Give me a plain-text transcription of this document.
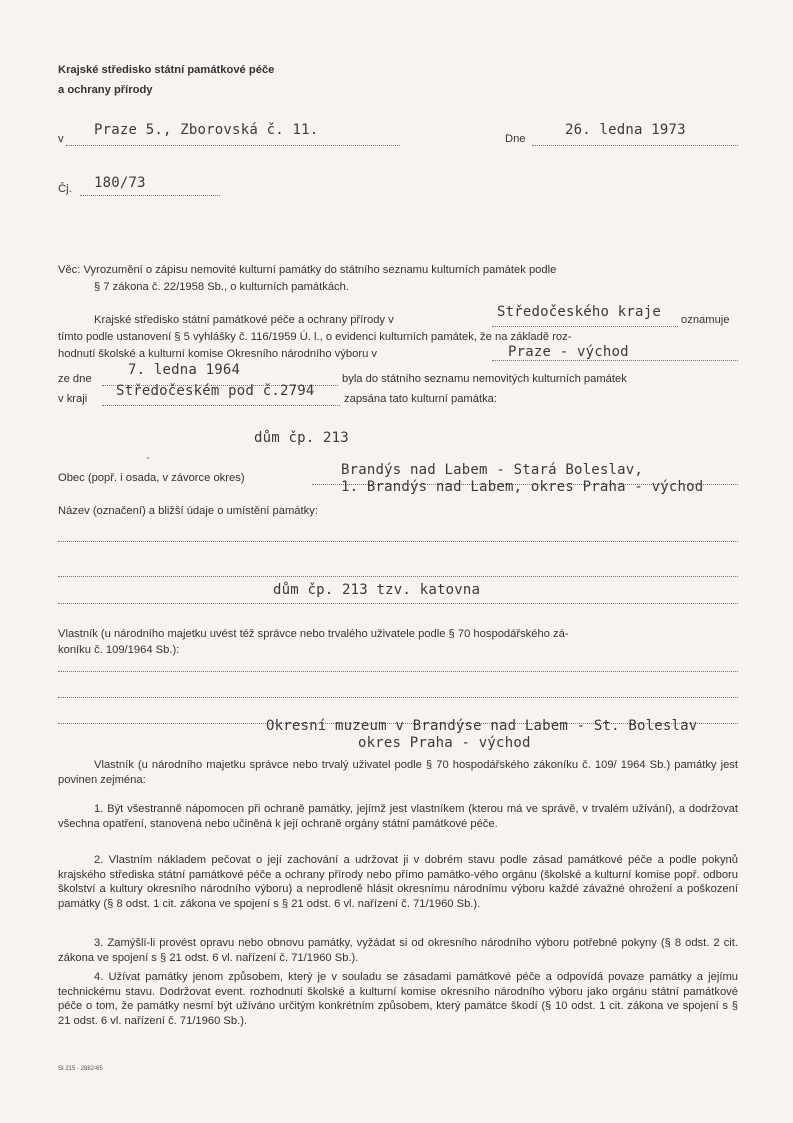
Krajské středisko státní památkové péče
a ochrany přírody
v
Praze 5., Zborovská č. 11.
Dne
26. ledna 1973
Čj. 180/73
Věc: Vyrozumění o zápisu nemovité kulturní památky do státního seznamu kulturních památek podle
§ 7 zákona č. 22/1958 Sb., o kulturních památkách.
Krajské středisko státní památkové péče a ochrany přírody v	Středočeského kraje oznamuje
tímto podle ustanovení § 5 vyhlášky č. 116/1959 Ú. l., o evidenci kulturních památek, že na základě roz-
hodnutí školské a kulturní komise Okresního národního výboru v	Praze - východ
ze dne
7. ledna 1964
byla do státního seznamu nemovitých kulturních památek
v kraji Středočeském pod č.2794	zapsána tato kulturní památka:
dům čp. 213
-
Obec (popř. i osada, v závorce okres)	Brandýs nad Labem - Stará Boleslav,
1. Brandýs nad Labem, okres Praha - východ
Název (označení) a bližší údaje o umístění památky:
dům čp. 213 tzv. katovna
Vlastník (u národního majetku uvést též správce nebo trvalého uživatele podle § 70 hospodářského zá-
koníku č. 109/1964 Sb.):
Okresní muzeum v Brandýse nad Labem - St. Boleslav
okres Praha - východ
Vlastník (u národního majetku správce nebo trvalý uživatel podle § 70 hospodářského zákoníku č. 109/ 1964 Sb.) památky jest povinen zejména:
1. Být všestranně nápomocen při ochraně památky, jejímž jest vlastníkem (kterou má ve správě, v trvalém užívání), a dodržovat všechna opatření, stanovená nebo učiněná k její ochraně orgány státní památkové péče.
2. Vlastním nákladem pečovat o její zachování a udržovat ji v dobrém stavu podle zásad památkové péče a podle pokynů krajského střediska státní památkové péče a ochrany přírody nebo přímo památko-vého orgánu (školské a kulturní komise popř. odboru školství a kultury okresního národního výboru) a neprodleně hlásit okresnímu národnímu výboru každé závažné ohrožení a poškození památky (§ 8 odst. 1 cit. zákona ve spojení s § 21 odst. 6 vl. nařízení č. 71/1960 Sb.).
3. Zamýšlí-li provést opravu nebo obnovu památky, vyžádat si od okresního národního výboru potřebné pokyny (§ 8 odst. 2 cit. zákona ve spojení s § 21 odst. 6 vl. nařízení č. 71/1960 Sb.).
4. Užívat památky jenom způsobem, který je v souladu se zásadami památkové péče a odpovídá povaze památky a jejímu technickému stavu. Dodržovat event. rozhodnutí školské a kulturní komise okresního národního výboru jako orgánu státní památkové péče o tom, že památky nesmí být užíváno určitým konkrétním způsobem, který památce škodí (§ 10 odst. 1 cit. zákona ve spojení s § 21 odst. 6 vl. nařízení č. 71/1960 Sb.).
SI 215 - 2882-65
